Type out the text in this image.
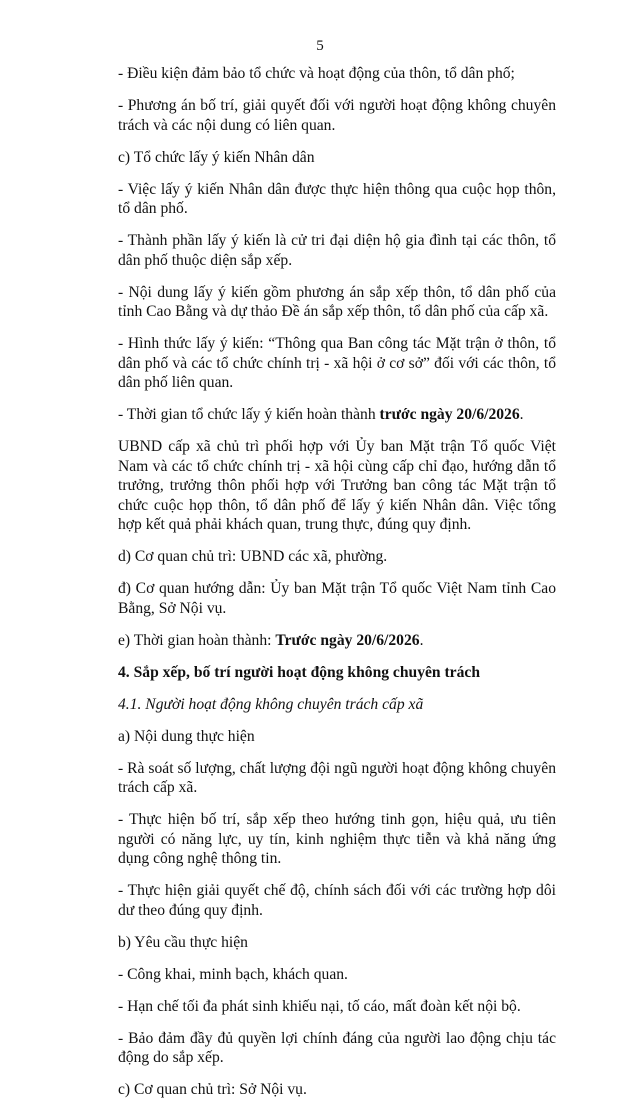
5

- Điều kiện đảm bảo tổ chức và hoạt động của thôn, tổ dân phố;

- Phương án bố trí, giải quyết đối với người hoạt động không chuyên trách và các nội dung có liên quan.

c) Tổ chức lấy ý kiến Nhân dân

- Việc lấy ý kiến Nhân dân được thực hiện thông qua cuộc họp thôn, tổ dân phố.

- Thành phần lấy ý kiến là cử tri đại diện hộ gia đình tại các thôn, tổ dân phố thuộc diện sắp xếp.

- Nội dung lấy ý kiến gồm phương án sắp xếp thôn, tổ dân phố của tỉnh Cao Bằng và dự thảo Đề án sắp xếp thôn, tổ dân phố của cấp xã.

- Hình thức lấy ý kiến: “Thông qua Ban công tác Mặt trận ở thôn, tổ dân phố và các tổ chức chính trị - xã hội ở cơ sở” đối với các thôn, tổ dân phố liên quan.

- Thời gian tổ chức lấy ý kiến hoàn thành trước ngày 20/6/2026.

UBND cấp xã chủ trì phối hợp với Ủy ban Mặt trận Tổ quốc Việt Nam và các tổ chức chính trị - xã hội cùng cấp chỉ đạo, hướng dẫn tổ trưởng, trưởng thôn phối hợp với Trưởng ban công tác Mặt trận tổ chức cuộc họp thôn, tổ dân phố để lấy ý kiến Nhân dân. Việc tổng hợp kết quả phải khách quan, trung thực, đúng quy định.

d) Cơ quan chủ trì: UBND các xã, phường.

đ) Cơ quan hướng dẫn: Ủy ban Mặt trận Tổ quốc Việt Nam tỉnh Cao Bằng, Sở Nội vụ.

e) Thời gian hoàn thành: Trước ngày 20/6/2026.

4. Sắp xếp, bố trí người hoạt động không chuyên trách

4.1. Người hoạt động không chuyên trách cấp xã

a) Nội dung thực hiện

- Rà soát số lượng, chất lượng đội ngũ người hoạt động không chuyên trách cấp xã.

- Thực hiện bố trí, sắp xếp theo hướng tinh gọn, hiệu quả, ưu tiên người có năng lực, uy tín, kinh nghiệm thực tiễn và khả năng ứng dụng công nghệ thông tin.

- Thực hiện giải quyết chế độ, chính sách đối với các trường hợp dôi dư theo đúng quy định.

b) Yêu cầu thực hiện

- Công khai, minh bạch, khách quan.

- Hạn chế tối đa phát sinh khiếu nại, tố cáo, mất đoàn kết nội bộ.

- Bảo đảm đầy đủ quyền lợi chính đáng của người lao động chịu tác động do sắp xếp.

c) Cơ quan chủ trì: Sở Nội vụ.
